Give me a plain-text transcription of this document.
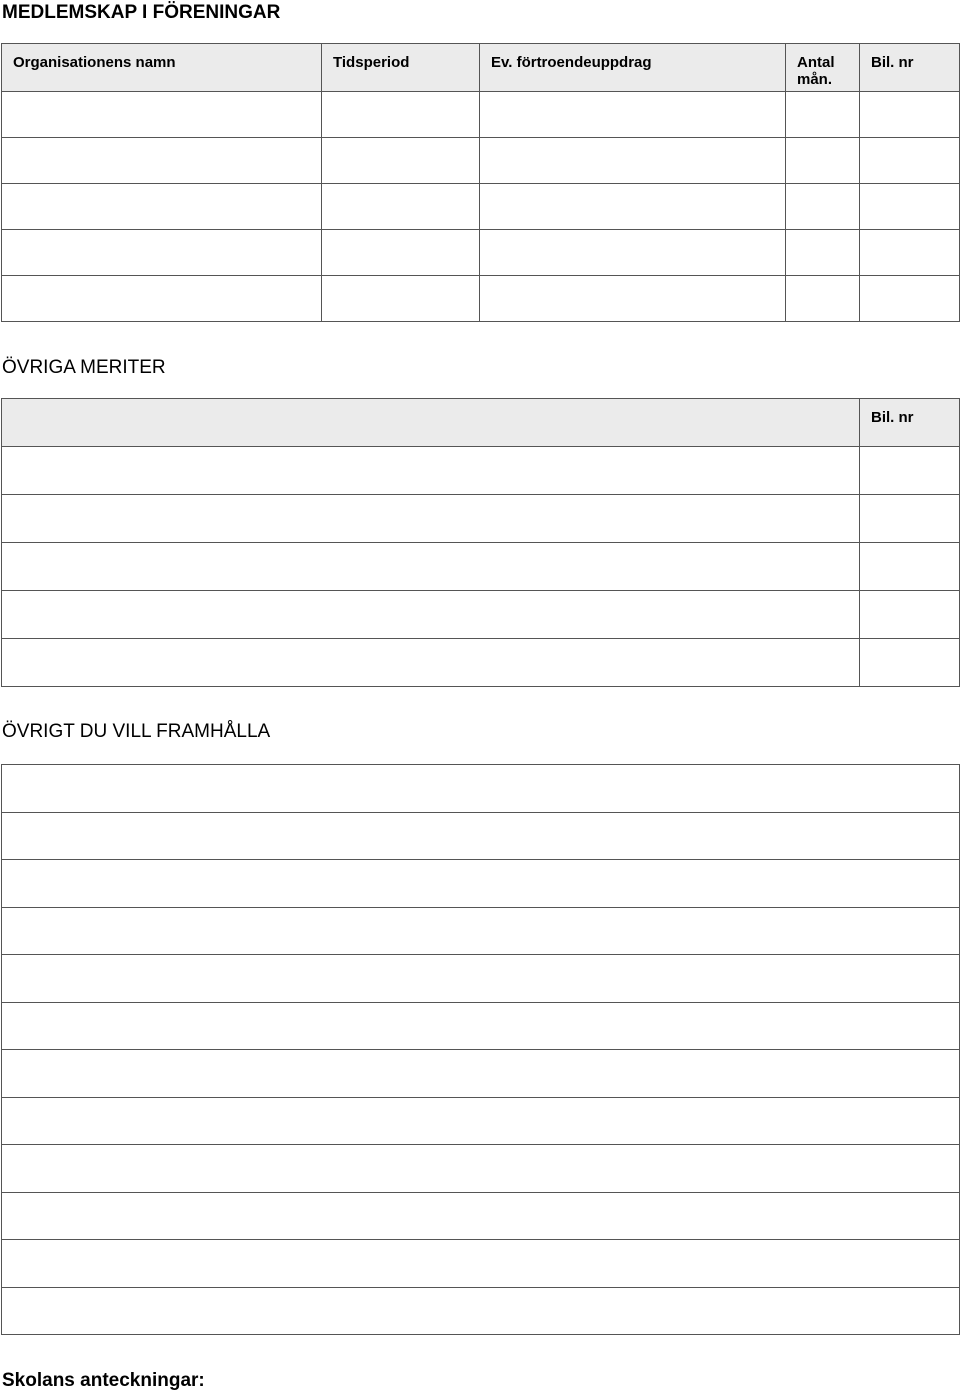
MEDLEMSKAP I FÖRENINGAR
Organisationens namn	Tidsperiod	Ev. förtroendeuppdrag	Antal mån.	Bil. nr

ÖVRIGA MERITER

	Bil. nr

ÖVRIGT DU VILL FRAMHÅLLA

Skolans anteckningar:
